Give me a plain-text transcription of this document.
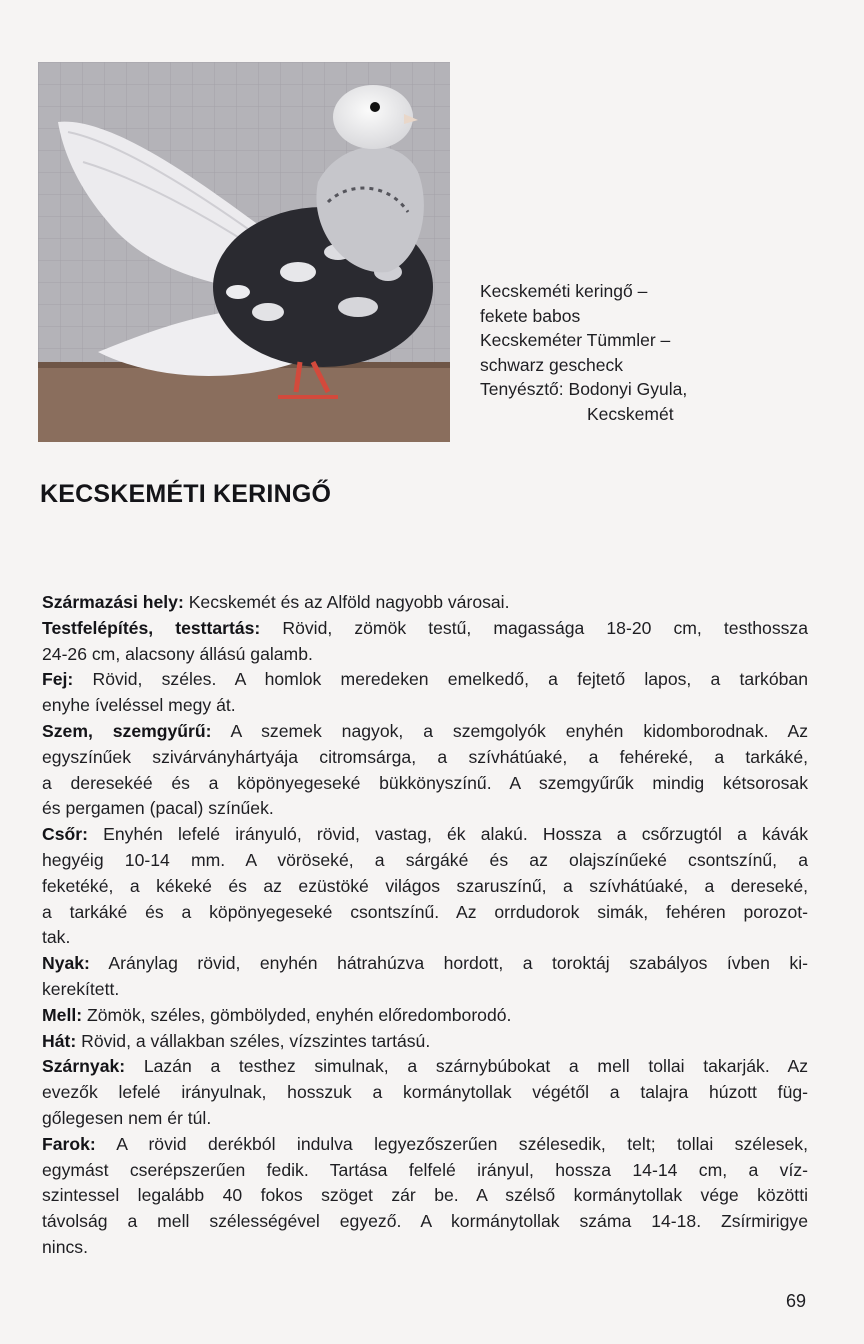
Kecskeméti keringő –
fekete babos
Kecskeméter Tümmler –
schwarz gescheck
Tenyésztő: Bodonyi Gyula,
Kecskemét
KECSKEMÉTI KERINGŐ
Származási hely: Kecskemét és az Alföld nagyobb városai.
Testfelépítés, testtartás: Rövid, zömök testű, magassága 18-20 cm, testhossza
24-26 cm, alacsony állású galamb.
Fej: Rövid, széles. A homlok meredeken emelkedő, a fejtető lapos, a tarkóban
enyhe íveléssel megy át.
Szem, szemgyűrű: A szemek nagyok, a szemgolyók enyhén kidomborodnak. Az
egyszínűek szivárványhártyája citromsárga, a szívhátúaké, a fehéreké, a tarkáké,
a deresekéé és a köpönyegeseké bükkönyszínű. A szemgyűrűk mindig kétsorosak
és pergamen (pacal) színűek.
Csőr: Enyhén lefelé irányuló, rövid, vastag, ék alakú. Hossza a csőrzugtól a kávák
hegyéig 10-14 mm. A vöröseké, a sárgáké és az olajszínűeké csontszínű, a
feketéké, a kékeké és az ezüstöké világos szaruszínű, a szívhátúaké, a dereseké,
a tarkáké és a köpönyegeseké csontszínű. Az orrdudorok simák, fehéren porozot-
tak.
Nyak: Aránylag rövid, enyhén hátrahúzva hordott, a toroktáj szabályos ívben ki-
kerekített.
Mell: Zömök, széles, gömbölyded, enyhén előredomborodó.
Hát: Rövid, a vállakban széles, vízszintes tartású.
Szárnyak: Lazán a testhez simulnak, a szárnybúbokat a mell tollai takarják. Az
evezők lefelé irányulnak, hosszuk a kormánytollak végétől a talajra húzott füg-
gőlegesen nem ér túl.
Farok: A rövid derékból indulva legyezőszerűen szélesedik, telt; tollai szélesek,
egymást cserépszerűen fedik. Tartása felfelé irányul, hossza 14-14 cm, a víz-
szintessel legalább 40 fokos szöget zár be. A szélső kormánytollak vége közötti
távolság a mell szélességével egyező. A kormánytollak száma 14-18. Zsírmirigye
nincs.
69
